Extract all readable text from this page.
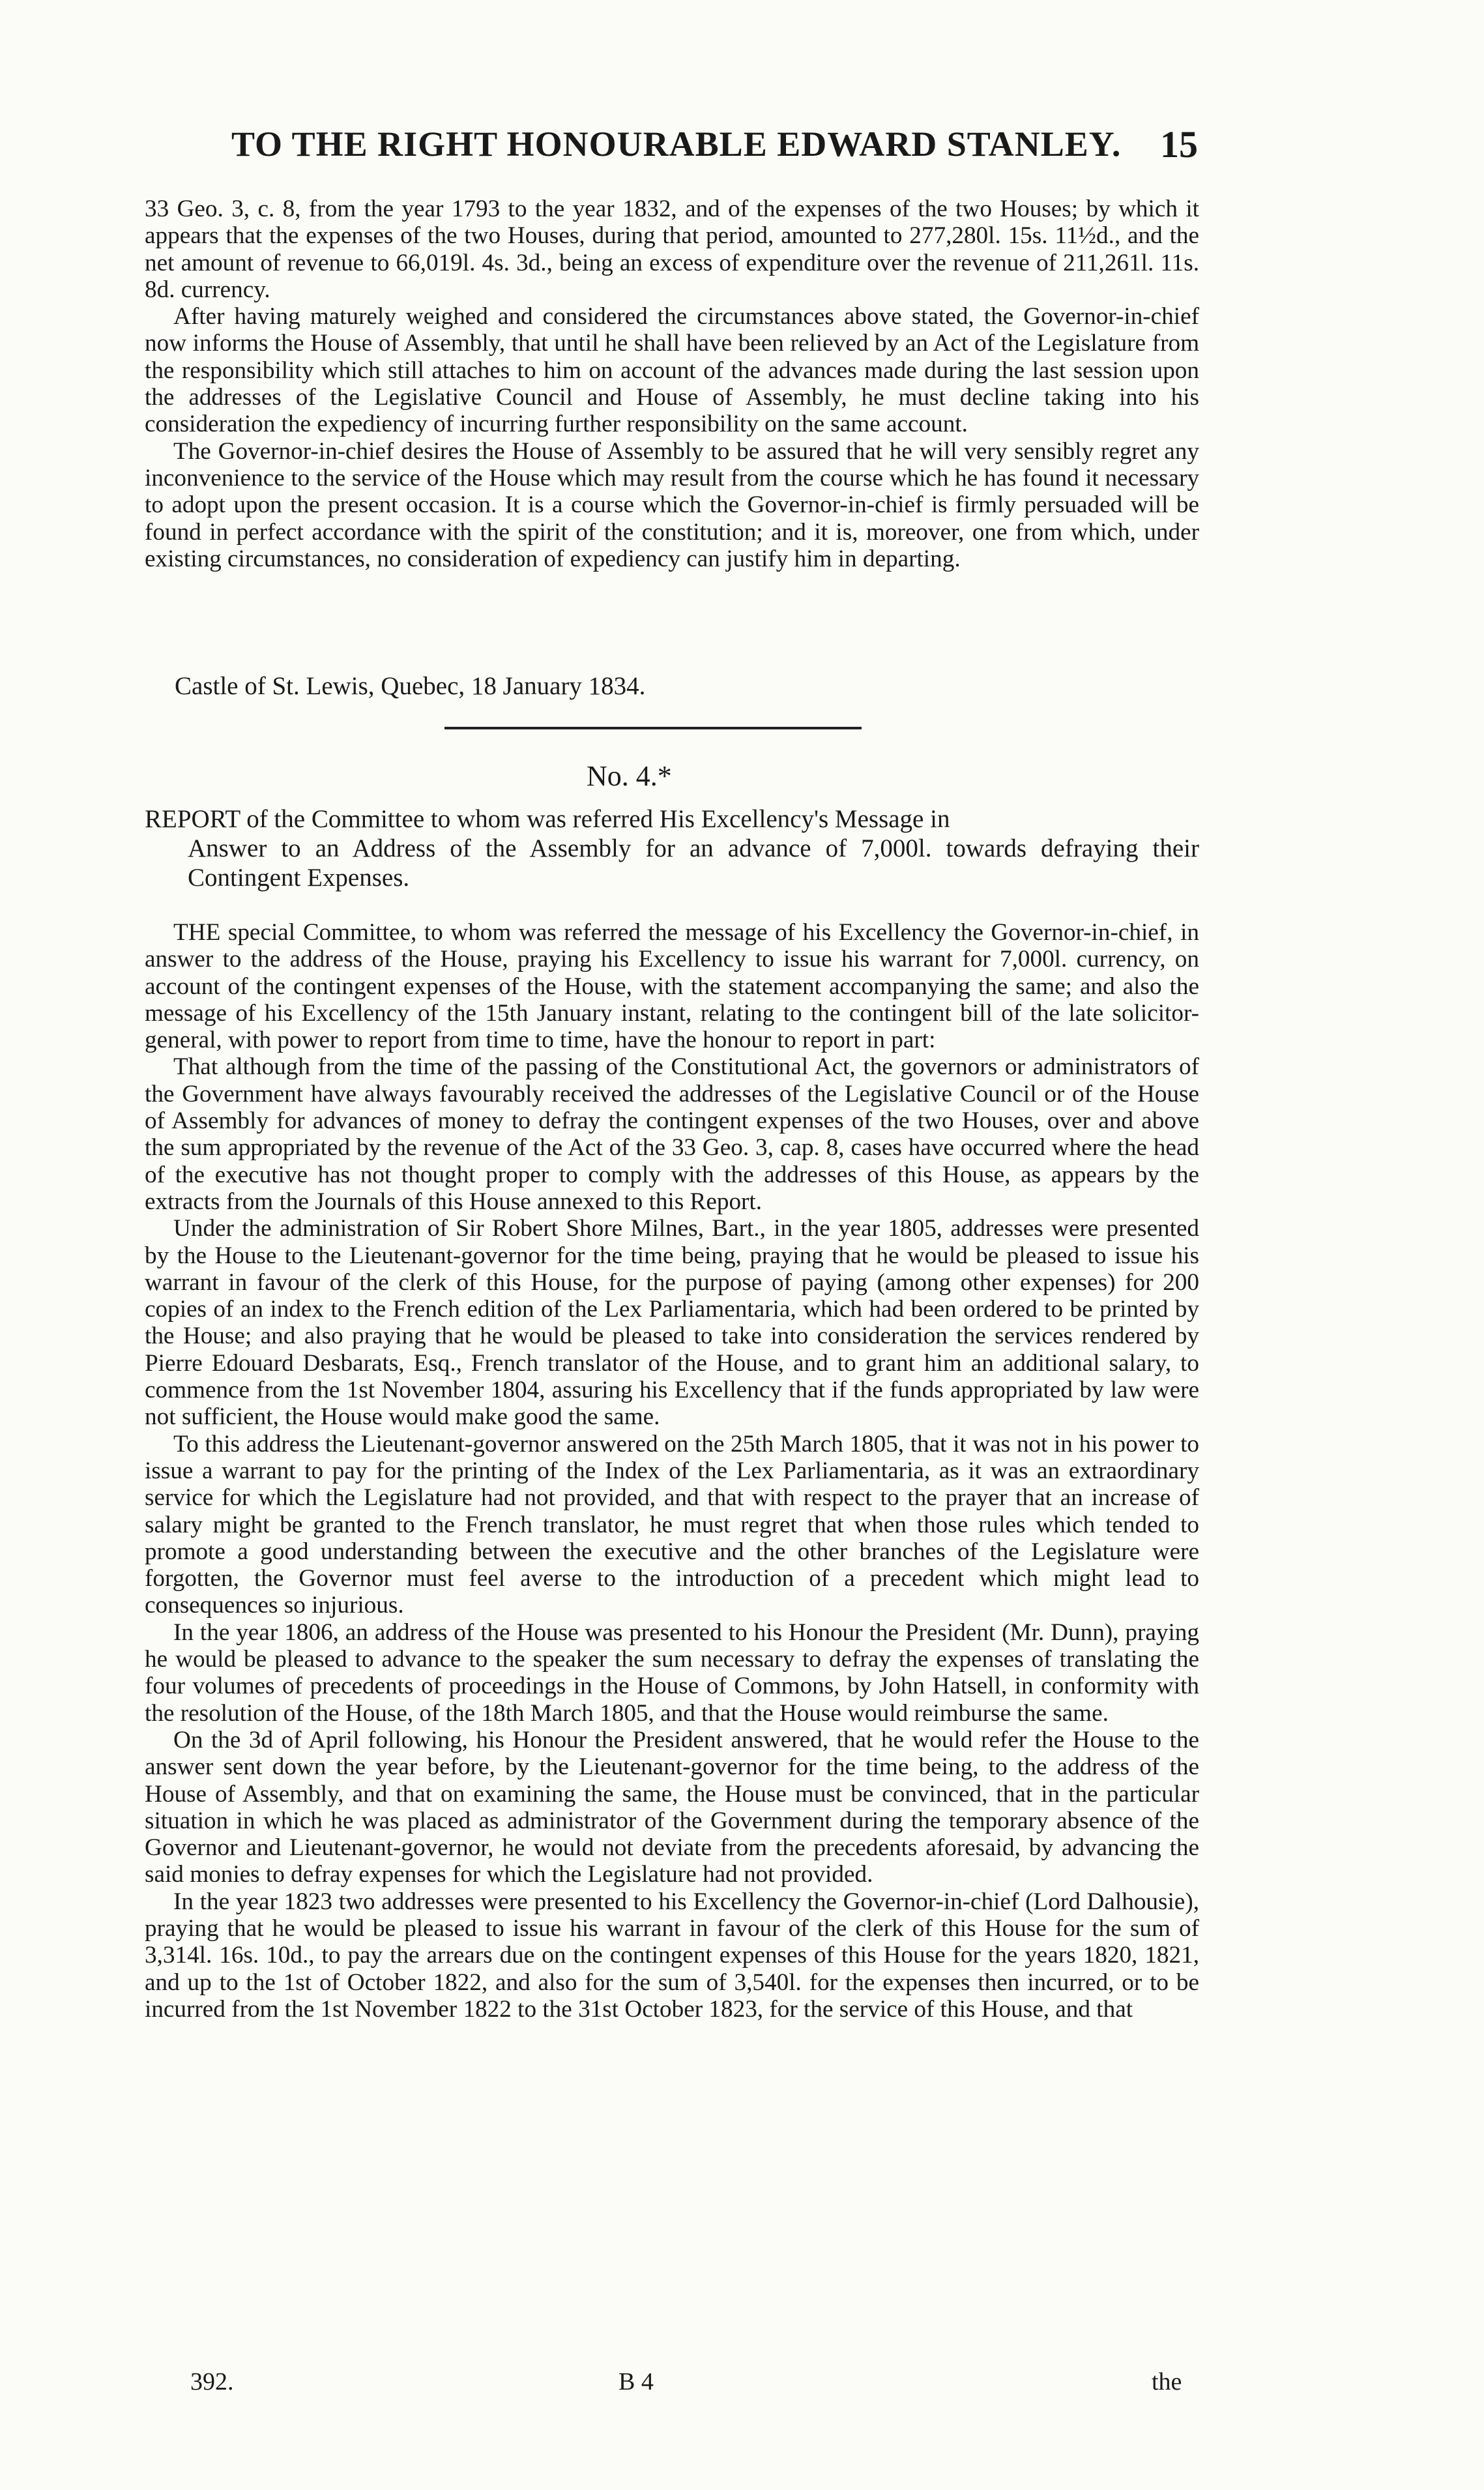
TO THE RIGHT HONOURABLE EDWARD STANLEY.	15

33 Geo. 3, c. 8, from the year 1793 to the year 1832, and of the expenses of the two Houses; by which it appears that the expenses of the two Houses, during that period, amounted to 277,280l. 15s. 11½d., and the net amount of revenue to 66,019l. 4s. 3d., being an excess of expenditure over the revenue of 211,261l. 11s. 8d. currency.

After having maturely weighed and considered the circumstances above stated, the Governor-in-chief now informs the House of Assembly, that until he shall have been relieved by an Act of the Legislature from the responsibility which still attaches to him on account of the advances made during the last session upon the addresses of the Legislative Council and House of Assembly, he must decline taking into his consideration the expediency of incurring further responsibility on the same account.

The Governor-in-chief desires the House of Assembly to be assured that he will very sensibly regret any inconvenience to the service of the House which may result from the course which he has found it necessary to adopt upon the present occasion. It is a course which the Governor-in-chief is firmly persuaded will be found in perfect accordance with the spirit of the constitution; and it is, moreover, one from which, under existing circumstances, no consideration of expediency can justify him in departing.

Castle of St. Lewis, Quebec, 18 January 1834.
No. 4.*
REPORT of the Committee to whom was referred His Excellency's Message in
Answer to an Address of the Assembly for an advance of 7,000l. towards defraying their Contingent Expenses.

THE special Committee, to whom was referred the message of his Excellency the Governor-in-chief, in answer to the address of the House, praying his Excellency to issue his warrant for 7,000l. currency, on account of the contingent expenses of the House, with the statement accompanying the same; and also the message of his Excellency of the 15th January instant, relating to the contingent bill of the late solicitor-general, with power to report from time to time, have the honour to report in part:

That although from the time of the passing of the Constitutional Act, the governors or administrators of the Government have always favourably received the addresses of the Legislative Council or of the House of Assembly for advances of money to defray the contingent expenses of the two Houses, over and above the sum appropriated by the revenue of the Act of the 33 Geo. 3, cap. 8, cases have occurred where the head of the executive has not thought proper to comply with the addresses of this House, as appears by the extracts from the Journals of this House annexed to this Report.

Under the administration of Sir Robert Shore Milnes, Bart., in the year 1805, addresses were presented by the House to the Lieutenant-governor for the time being, praying that he would be pleased to issue his warrant in favour of the clerk of this House, for the purpose of paying (among other expenses) for 200 copies of an index to the French edition of the Lex Parliamentaria, which had been ordered to be printed by the House; and also praying that he would be pleased to take into consideration the services rendered by Pierre Edouard Desbarats, Esq., French translator of the House, and to grant him an additional salary, to commence from the 1st November 1804, assuring his Excellency that if the funds appropriated by law were not sufficient, the House would make good the same.

To this address the Lieutenant-governor answered on the 25th March 1805, that it was not in his power to issue a warrant to pay for the printing of the Index of the Lex Parliamentaria, as it was an extraordinary service for which the Legislature had not provided, and that with respect to the prayer that an increase of salary might be granted to the French translator, he must regret that when those rules which tended to promote a good understanding between the executive and the other branches of the Legislature were forgotten, the Governor must feel averse to the introduction of a precedent which might lead to consequences so injurious.

In the year 1806, an address of the House was presented to his Honour the President (Mr. Dunn), praying he would be pleased to advance to the speaker the sum necessary to defray the expenses of translating the four volumes of precedents of proceedings in the House of Commons, by John Hatsell, in conformity with the resolution of the House, of the 18th March 1805, and that the House would reimburse the same.

On the 3d of April following, his Honour the President answered, that he would refer the House to the answer sent down the year before, by the Lieutenant-governor for the time being, to the address of the House of Assembly, and that on examining the same, the House must be convinced, that in the particular situation in which he was placed as administrator of the Government during the temporary absence of the Governor and Lieutenant-governor, he would not deviate from the precedents aforesaid, by advancing the said monies to defray expenses for which the Legislature had not provided.

In the year 1823 two addresses were presented to his Excellency the Governor-in-chief (Lord Dalhousie), praying that he would be pleased to issue his warrant in favour of the clerk of this House for the sum of 3,314l. 16s. 10d., to pay the arrears due on the contingent expenses of this House for the years 1820, 1821, and up to the 1st of October 1822, and also for the sum of 3,540l. for the expenses then incurred, or to be incurred from the 1st November 1822 to the 31st October 1823, for the service of this House, and that

392.	B 4	the
